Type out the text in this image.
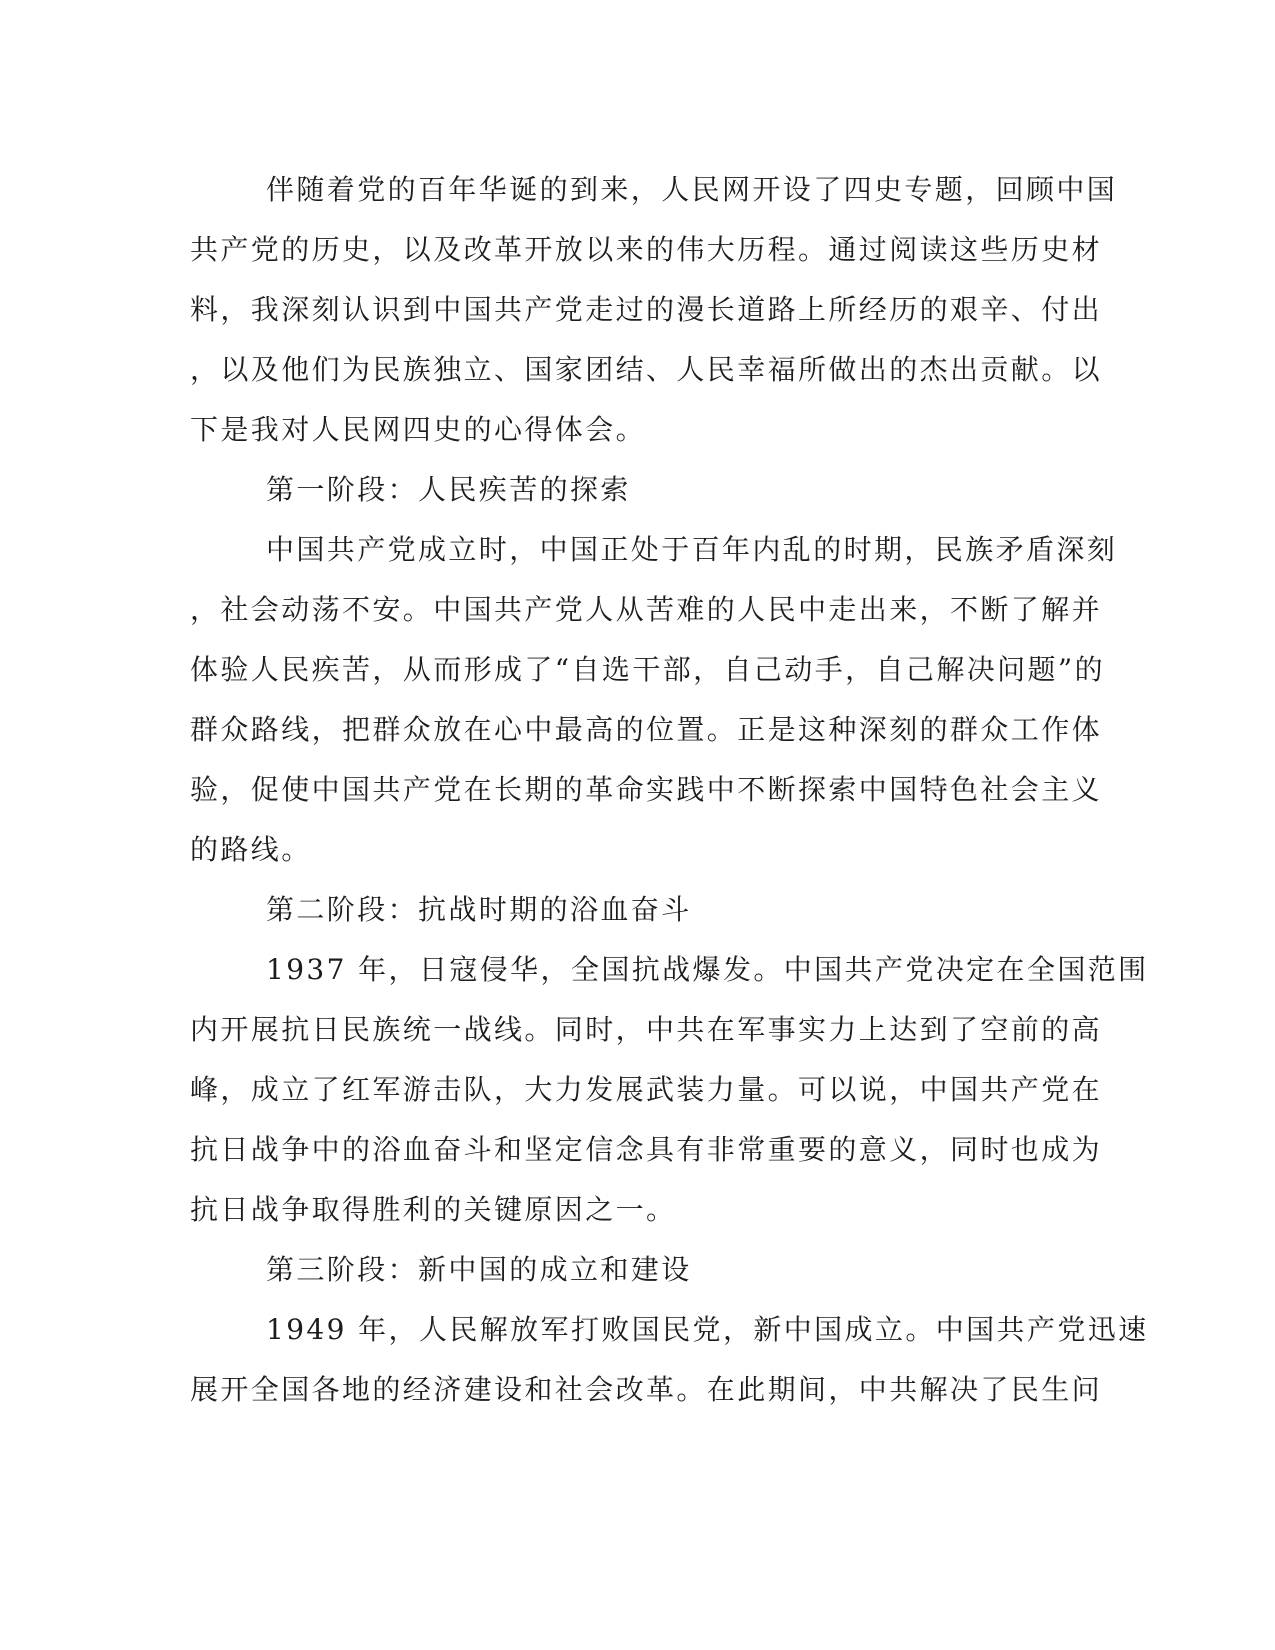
伴随着党的百年华诞的到来，人民网开设了四史专题，回顾中国
共产党的历史，以及改革开放以来的伟大历程。通过阅读这些历史材
料，我深刻认识到中国共产党走过的漫长道路上所经历的艰辛、付出
，以及他们为民族独立、国家团结、人民幸福所做出的杰出贡献。以
下是我对人民网四史的心得体会。
第一阶段：人民疾苦的探索
中国共产党成立时，中国正处于百年内乱的时期，民族矛盾深刻
，社会动荡不安。中国共产党人从苦难的人民中走出来，不断了解并
体验人民疾苦，从而形成了“自选干部，自己动手，自己解决问题”的
群众路线，把群众放在心中最高的位置。正是这种深刻的群众工作体
验，促使中国共产党在长期的革命实践中不断探索中国特色社会主义
的路线。
第二阶段：抗战时期的浴血奋斗
1937 年，日寇侵华，全国抗战爆发。中国共产党决定在全国范围
内开展抗日民族统一战线。同时，中共在军事实力上达到了空前的高
峰，成立了红军游击队，大力发展武装力量。可以说，中国共产党在
抗日战争中的浴血奋斗和坚定信念具有非常重要的意义，同时也成为
抗日战争取得胜利的关键原因之一。
第三阶段：新中国的成立和建设
1949 年，人民解放军打败国民党，新中国成立。中国共产党迅速
展开全国各地的经济建设和社会改革。在此期间，中共解决了民生问
